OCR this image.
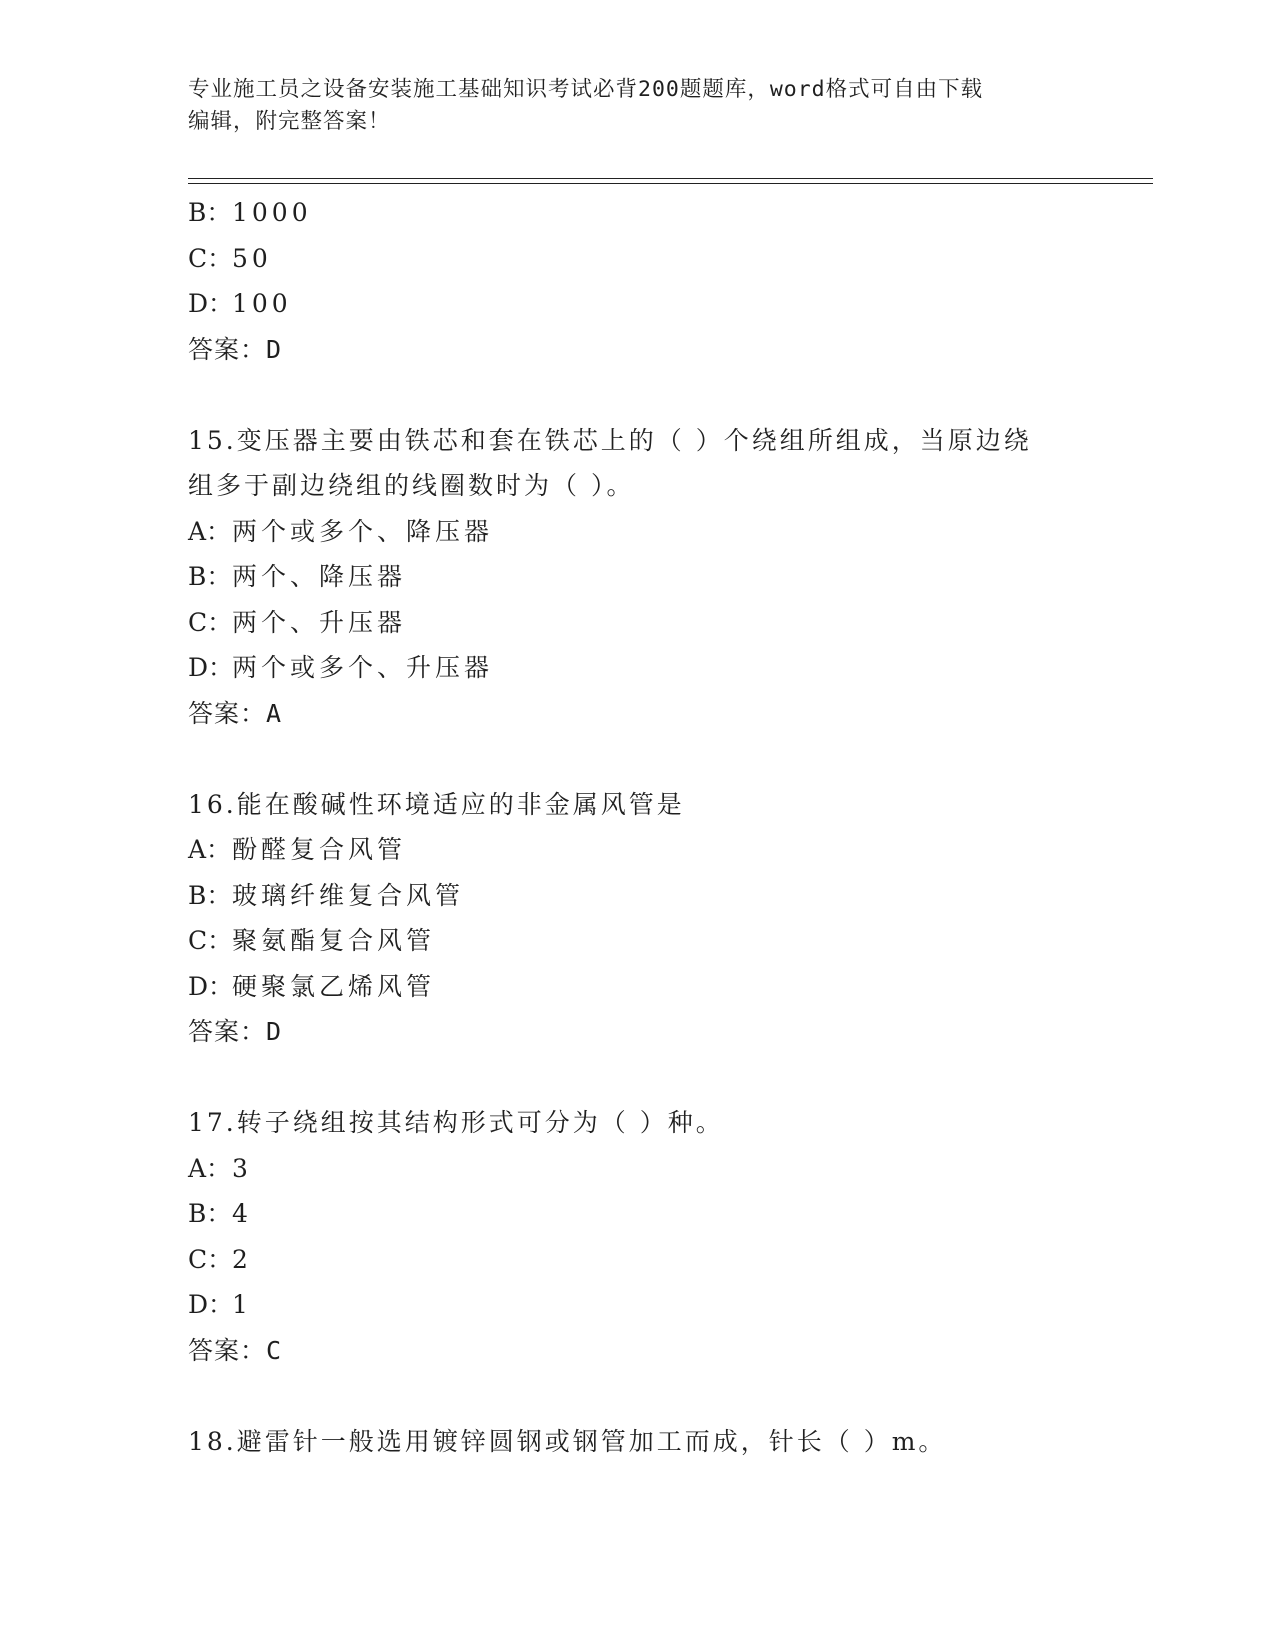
专业施工员之设备安装施工基础知识考试必背200题题库，word格式可自由下载
编辑，附完整答案！
B：1000
C：50
D：100
答案：D
15.变压器主要由铁芯和套在铁芯上的（ ）个绕组所组成，当原边绕
组多于副边绕组的线圈数时为（ ）。
A：两个或多个、降压器
B：两个、降压器
C：两个、升压器
D：两个或多个、升压器
答案：A
16.能在酸碱性环境适应的非金属风管是
A：酚醛复合风管
B：玻璃纤维复合风管
C：聚氨酯复合风管
D：硬聚氯乙烯风管
答案：D
17.转子绕组按其结构形式可分为（ ）种。
A：3
B：4
C：2
D：1
答案：C
18.避雷针一般选用镀锌圆钢或钢管加工而成，针长（ ）m。
